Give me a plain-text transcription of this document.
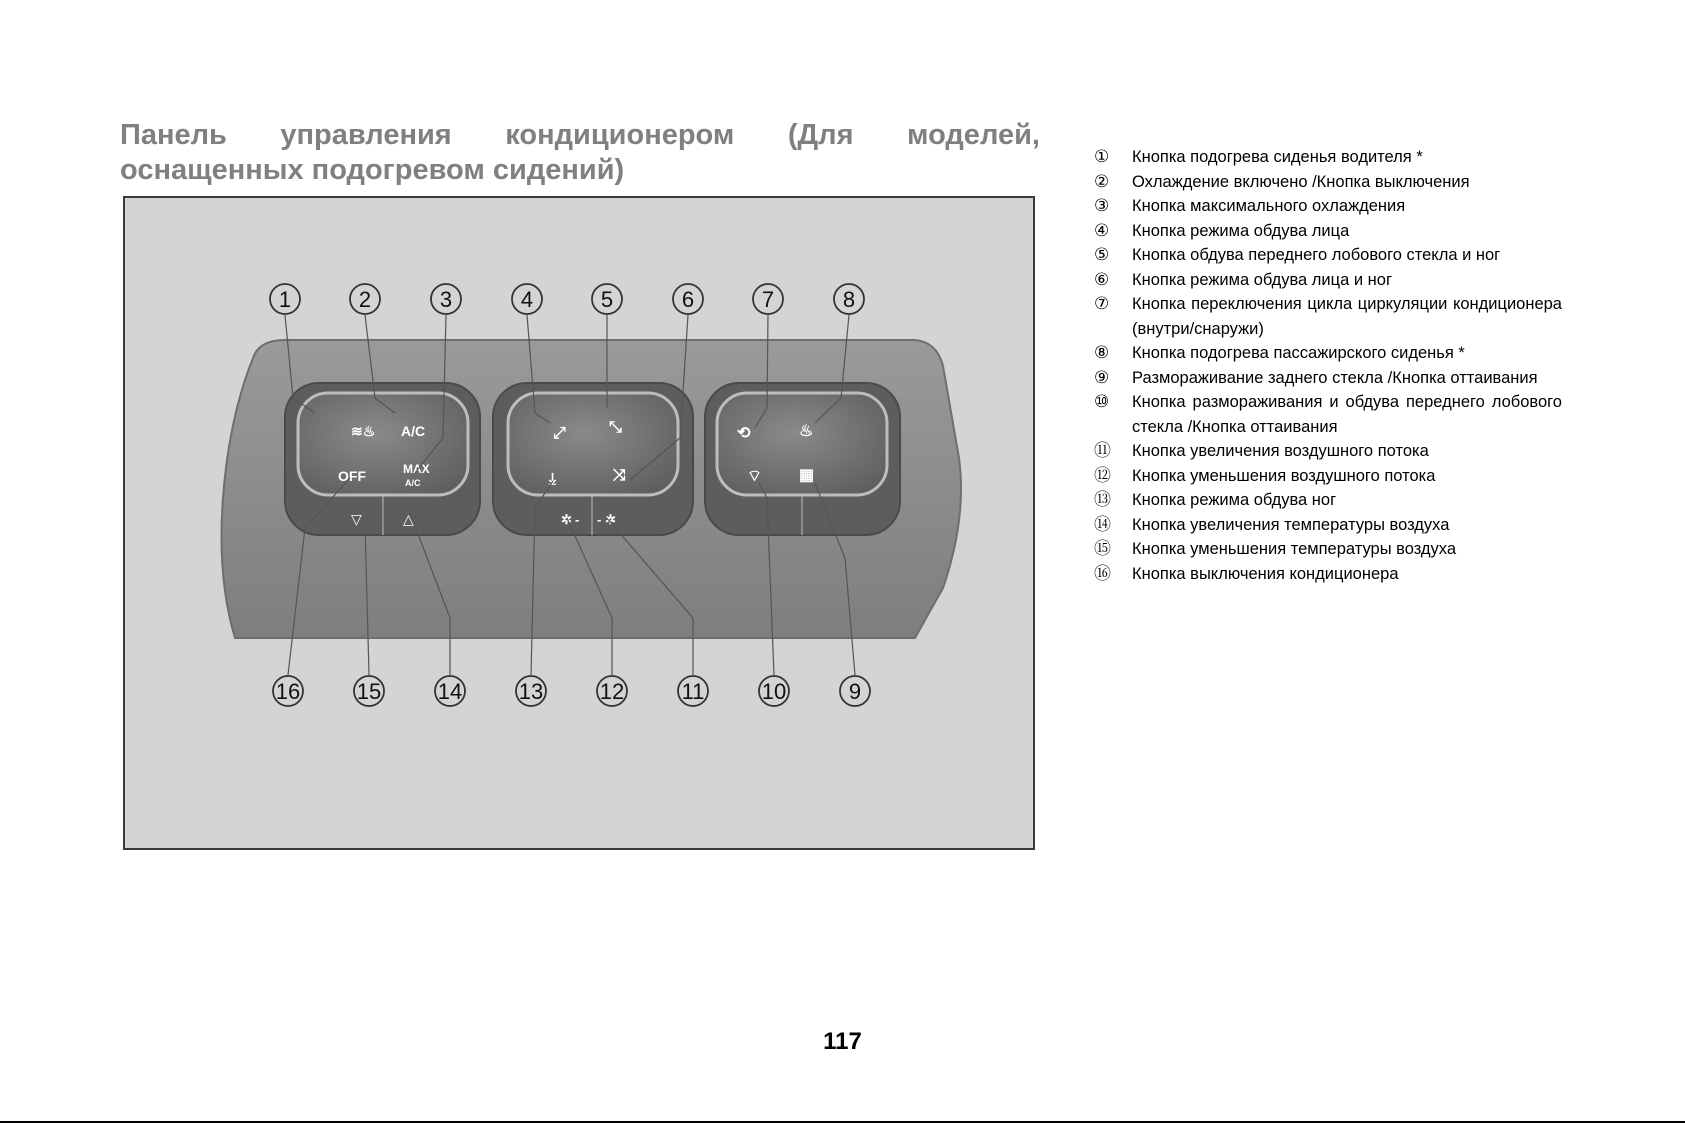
Панель управления кондиционером (Для моделей,
оснащенных подогревом сидений)
≋♨ A/C
OFF	MAX
A/C
⤢	⤡
⤓	⤨
⟲	♨
⌔ ▦
▽	△	✲ - - ✲
1	2	3	4	5	6	7	8
16	15	14	13	12	11	10	9
①	Кнопка подогрева сиденья водителя *
②	Охлаждение включено /Кнопка выключения
③	Кнопка максимального охлаждения
④	Кнопка режима обдува лица
⑤	Кнопка обдува переднего лобового стекла и ног
⑥	Кнопка режима обдува лица и ног
⑦	Кнопка переключения цикла циркуляции кондиционера (внутри/снаружи)
⑧	Кнопка подогрева пассажирского сиденья *
⑨	Размораживание заднего стекла /Кнопка оттаивания
⑩	Кнопка размораживания и обдува переднего лобового стекла /Кнопка оттаивания
⑪	Кнопка увеличения воздушного потока
⑫	Кнопка уменьшения воздушного потока
⑬	Кнопка режима обдува ног
⑭	Кнопка увеличения температуры воздуха
⑮	Кнопка уменьшения температуры воздуха
⑯	Кнопка выключения кондиционера
117
